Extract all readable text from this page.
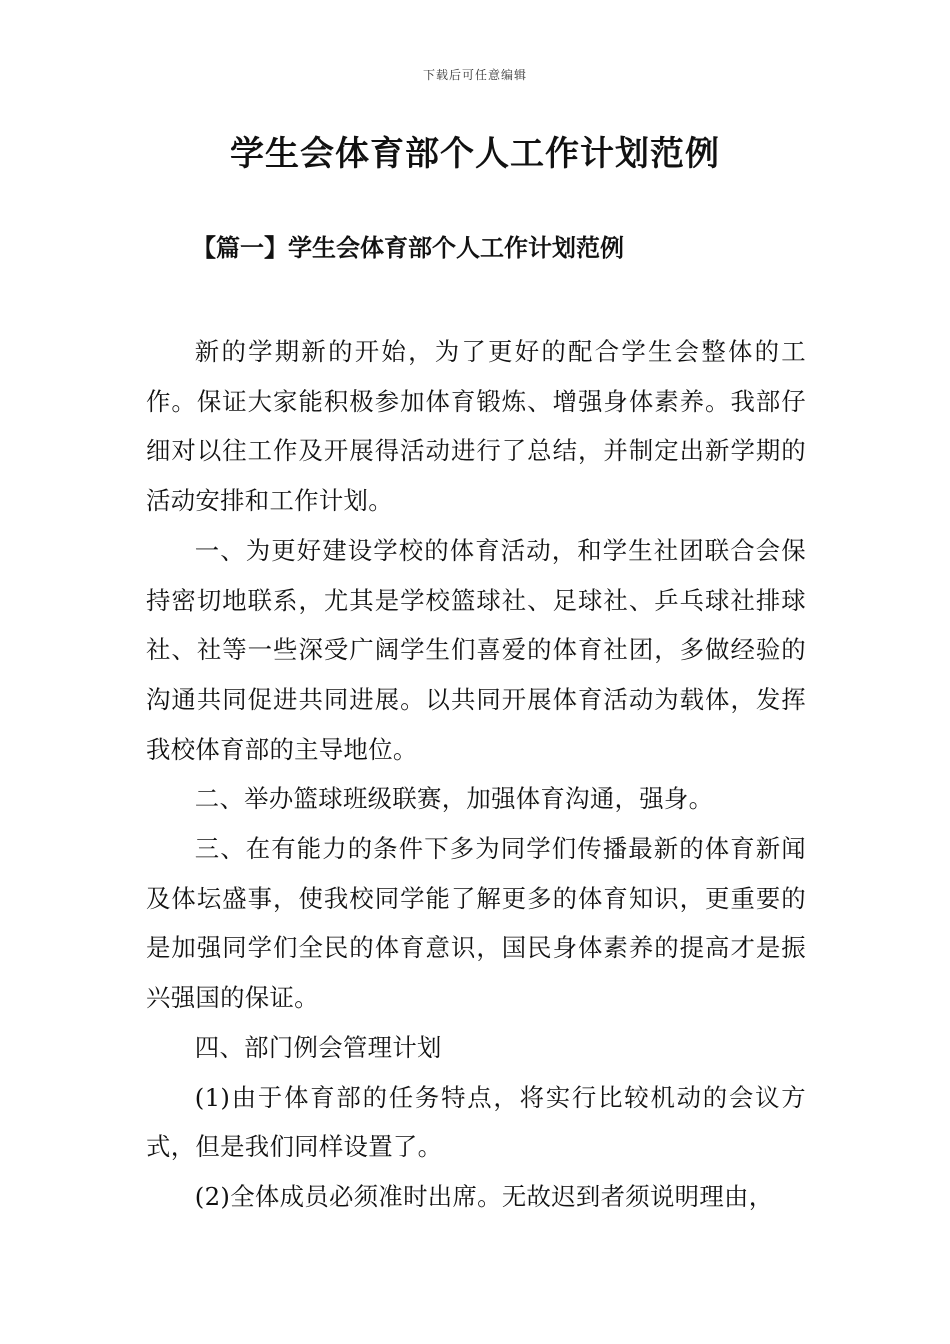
下载后可任意编辑
学生会体育部个人工作计划范例
【篇一】学生会体育部个人工作计划范例

新的学期新的开始，为了更好的配合学生会整体的工作。保证大家能积极参加体育锻炼、增强身体素养。我部仔细对以往工作及开展得活动进行了总结，并制定出新学期的活动安排和工作计划。

一、为更好建设学校的体育活动，和学生社团联合会保持密切地联系，尤其是学校篮球社、足球社、乒乓球社排球社、社等一些深受广阔学生们喜爱的体育社团，多做经验的沟通共同促进共同进展。以共同开展体育活动为载体，发挥我校体育部的主导地位。

二、举办篮球班级联赛，加强体育沟通，强身。

三、在有能力的条件下多为同学们传播最新的体育新闻及体坛盛事，使我校同学能了解更多的体育知识，更重要的是加强同学们全民的体育意识，国民身体素养的提高才是振兴强国的保证。

四、部门例会管理计划

(1)由于体育部的任务特点，将实行比较机动的会议方式，但是我们同样设置了。

(2)全体成员必须准时出席。无故迟到者须说明理由，
